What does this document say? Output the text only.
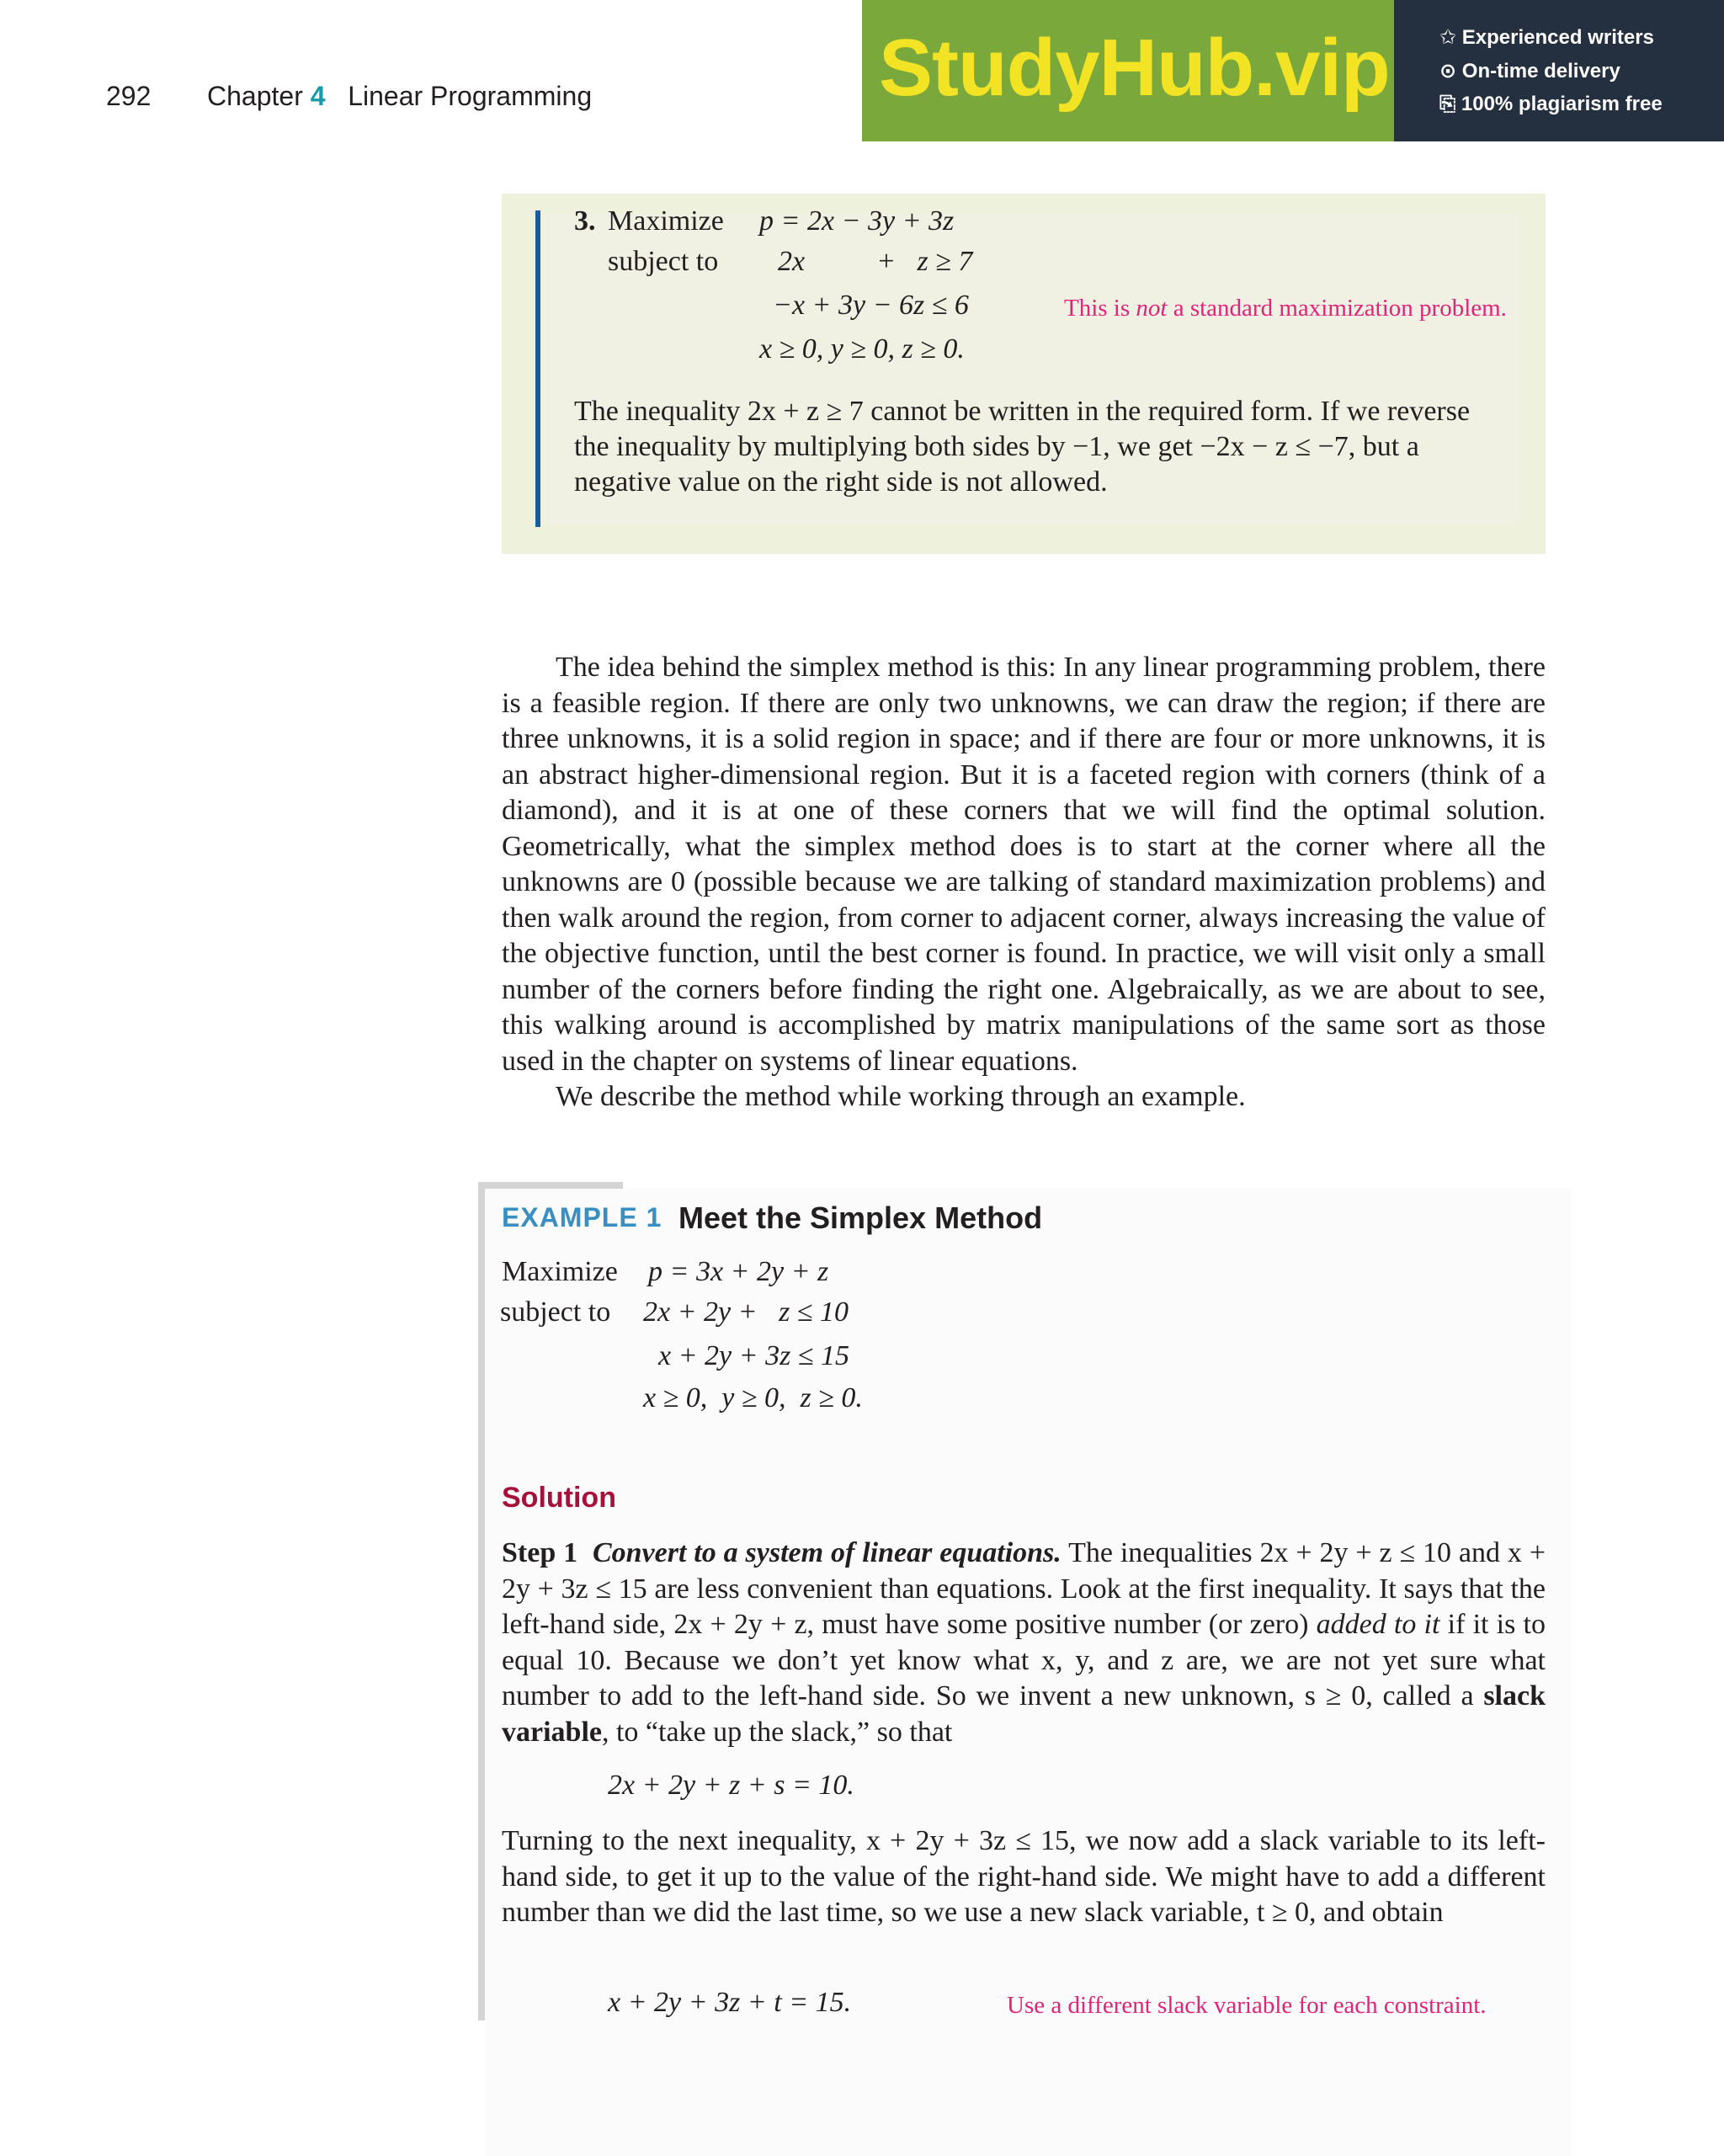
292 Chapter 4 Linear Programming	StudyHub.vip ✩ Experienced writers
⊙ On-time delivery
⎘ 100% plagiarism free
3. Maximize p = 2x − 3y + 3z
subject to 2x          +   z ≥ 7
−x + 3y − 6z ≤ 6	This is not a standard maximization problem.
x ≥ 0, y ≥ 0, z ≥ 0.
The inequality 2x + z ≥ 7 cannot be written in the required form. If we reverse
the inequality by multiplying both sides by −1, we get −2x − z ≤ −7, but a
negative value on the right side is not allowed.

The idea behind the simplex method is this: In any linear programming problem, there is a feasible region. If there are only two unknowns, we can draw the region; if there are three unknowns, it is a solid region in space; and if there are four or more unknowns, it is an abstract higher-dimensional region. But it is a faceted region with corners (think of a diamond), and it is at one of these corners that we will find the optimal solution. Geometrically, what the simplex method does is to start at the corner where all the unknowns are 0 (possible because we are talking of standard maximization problems) and then walk around the region, from corner to adjacent corner, always increasing the value of the objective function, until the best corner is found. In practice, we will visit only a small number of the corners before finding the right one. Algebraically, as we are about to see, this walking around is accomplished by matrix manipulations of the same sort as those used in the chapter on systems of linear equations.

We describe the method while working through an example.

EXAMPLE 1 Meet the Simplex Method
Maximize p = 3x + 2y + z
subject to 2x + 2y +   z ≤ 10
x + 2y + 3z ≤ 15
x ≥ 0,  y ≥ 0,  z ≥ 0.
Solution

Step 1 Convert to a system of linear equations. The inequalities 2x + 2y + z ≤ 10 and x + 2y + 3z ≤ 15 are less convenient than equations. Look at the first inequality. It says that the left-hand side, 2x + 2y + z, must have some positive number (or zero) added to it if it is to equal 10. Because we don’t yet know what x, y, and z are, we are not yet sure what number to add to the left-hand side. So we invent a new unknown, s ≥ 0, called a slack variable, to “take up the slack,” so that

2x + 2y + z + s = 10.

Turning to the next inequality, x + 2y + 3z ≤ 15, we now add a slack variable to its left-hand side, to get it up to the value of the right-hand side. We might have to add a different number than we did the last time, so we use a new slack variable, t ≥ 0, and obtain

x + 2y + 3z + t = 15.	Use a different slack variable for each constraint.
